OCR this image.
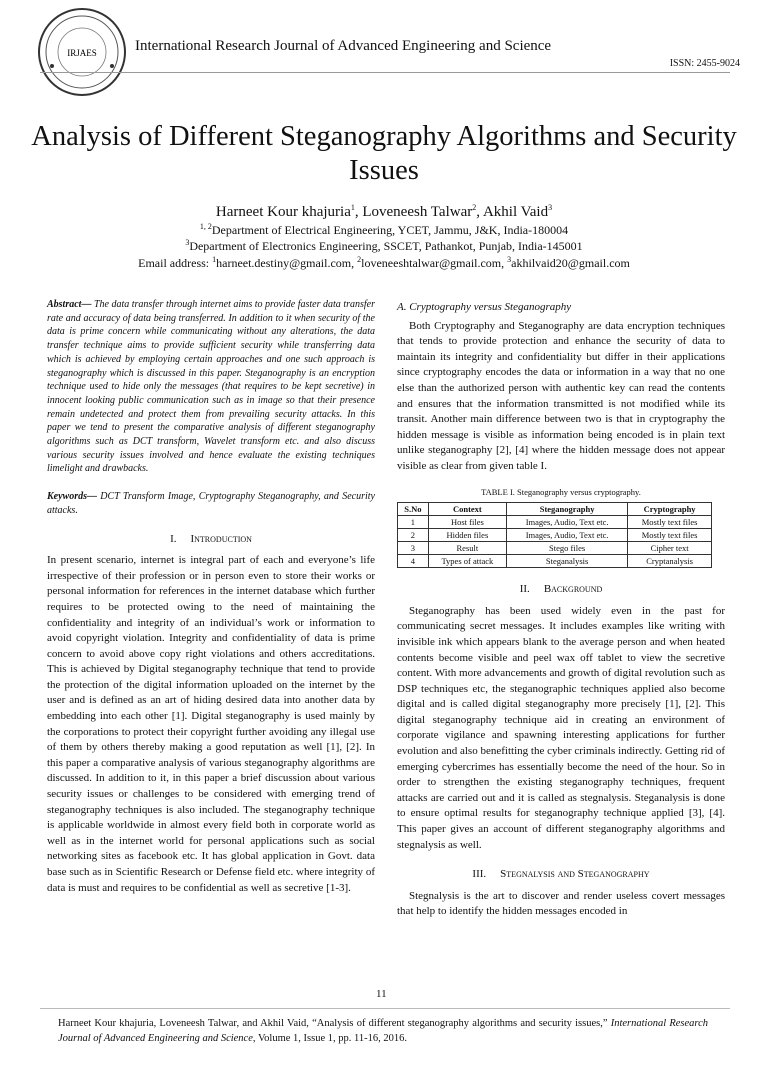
IRJAES	International Research Journal of Advanced Engineering and Science
ISSN: 2455-9024
Analysis of Different Steganography Algorithms and Security Issues
Harneet Kour khajuria$^1$, Loveneesh Talwar$^2$, Akhil Vaid$^3$
$^{1, 2}$Department of Electrical Engineering, YCET, Jammu, J&K, India-180004
$^3$Department of Electronics Engineering, SSCET, Pathankot, Punjab, India-145001
Email address: $^1$harneet.destiny@gmail.com, $^2$loveneeshtalwar@gmail.com, $^3$akhilvaid20@gmail.com

Abstract— The data transfer through internet aims to provide faster data transfer rate and accuracy of data being transferred. In addition to it when security of the data is prime concern while communicating without any alterations, the data transfer technique aims to provide sufficient security while transferring data which is achieved by employing certain approaches and one such approach is steganography which is discussed in this paper. Steganography is an encryption technique used to hide only the messages (that requires to be kept secretive) in innocent looking public communication such as in image so that their presence remain undetected and protect them from prevailing security attacks. In this paper we tend to present the comparative analysis of different steganography algorithms such as DCT transform, Wavelet transform etc. and also discuss various security issues involved and hence evaluate the existing techniques limelight and drawbacks.

Keywords— DCT Transform Image, Cryptography Steganography, and Security attacks.

I. Introduction

In present scenario, internet is integral part of each and everyone’s life irrespective of their profession or in person even to store their works or personal information for references in the internet database which further requires to be protected owing to the need of maintaining the confidentiality and integrity of an individual’s work or information to avoid copyright violation. Integrity and confidentiality of data is prime concern to avoid above copy right violations and others accreditations. This is achieved by Digital steganography technique that tend to provide the protection of the digital information uploaded on the internet by the user and is defined as an art of hiding desired data into another data by embedding into each other [1]. Digital steganography is used mainly by the corporations to protect their copyright further avoiding any illegal use of them by others thereby making a good reputation as well [1], [2]. In this paper a comparative analysis of various steganography algorithms are discussed. In addition to it, in this paper a brief discussion about various security issues or challenges to be considered with emerging trend of steganography techniques is also included. The steganography technique is applicable worldwide in almost every field both in corporate world as well as in the internet world for personal applications such as social networking sites as facebook etc. It has global application in Govt. data base such as in Scientific Research or Defense field etc. where integrity of data is must and requires to be confidential as well as secretive [1-3].

A. Cryptography versus Steganography

Both Cryptography and Steganography are data encryption techniques that tends to provide protection and enhance the security of data to maintain its integrity and confidentiality but differ in their applications since cryptography encodes the data or information in a way that no one else than the authorized person with authentic key can read the contents and ensures that the information transmitted is not modified while its transit. Another main difference between two is that in cryptography the hidden message is visible as information being encoded is in plain text unlike steganography [2], [4] where the hidden message does not appear visible as clear from given table I.

TABLE I. Steganography versus cryptography.
S.No	Context	Steganography	Cryptography
1	Host files	Images, Audio, Text etc.	Mostly text files
2	Hidden files	Images, Audio, Text etc.	Mostly text files
3	Result	Stego files	Cipher text
4	Types of attack	Steganalysis	Cryptanalysis
II. Background

Steganography has been used widely even in the past for communicating secret messages. It includes examples like writing with invisible ink which appears blank to the average person and when heated contents become visible and peel wax off tablet to view the secretive content. With more advancements and growth of digital revolution such as DSP techniques etc, the steganographic techniques applied also become digital and is called digital steganography more precisely [1], [2]. This digital steganography technique aid in creating an environment of corporate vigilance and spawning interesting applications for further evolution and also benefitting the cyber criminals indirectly. Getting rid of emerging cybercrimes has essentially become the need of the hour. So in order to strengthen the existing steganography techniques, frequent attacks are carried out and it is called as stegnalysis. Steganalysis is done to ensure optimal results for steganography technique applied [3], [4]. This paper gives an account of different steganography algorithms and stegnalysis as well.

III. Stegnalysis and Steganography

Stegnalysis is the art to discover and render useless covert messages that help to identify the hidden messages encoded in

11
Harneet Kour khajuria, Loveneesh Talwar, and Akhil Vaid, “Analysis of different steganography algorithms and security issues,” International Research Journal of Advanced Engineering and Science, Volume 1, Issue 1, pp. 11-16, 2016.
